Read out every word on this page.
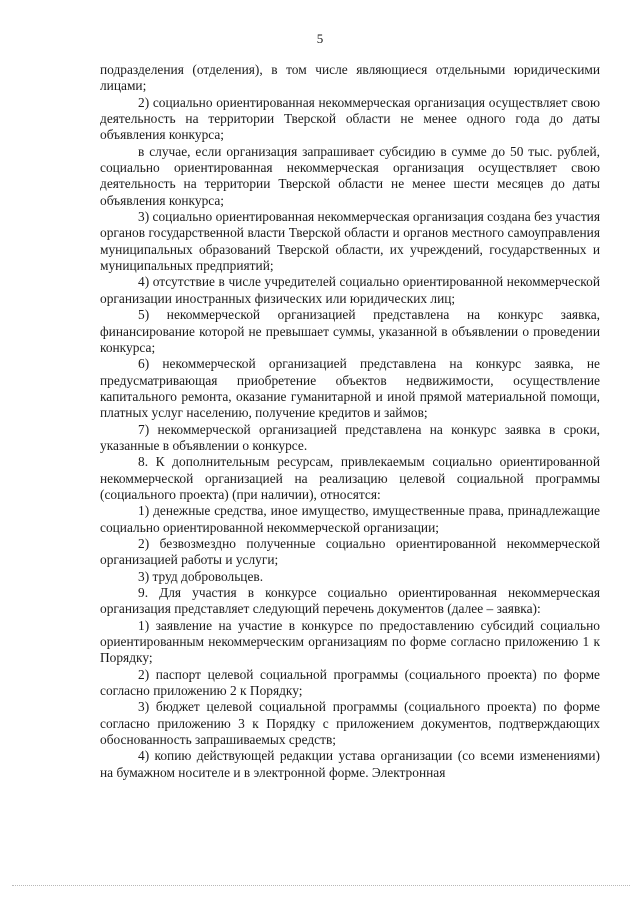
5

подразделения (отделения), в том числе являющиеся отдельными юридическими лицами;

2) социально ориентированная некоммерческая организация осуществляет свою деятельность на территории Тверской области не менее одного года до даты объявления конкурса;

в случае, если организация запрашивает субсидию в сумме до 50 тыс. рублей, социально ориентированная некоммерческая организация осуществляет свою деятельность на территории Тверской области не менее шести месяцев до даты объявления конкурса;

3) социально ориентированная некоммерческая организация создана без участия органов государственной власти Тверской области и органов местного самоуправления муниципальных образований Тверской области, их учреждений, государственных и муниципальных предприятий;

4) отсутствие в числе учредителей социально ориентированной некоммерческой организации иностранных физических или юридических лиц;

5) некоммерческой организацией представлена на конкурс заявка, финансирование которой не превышает суммы, указанной в объявлении о проведении конкурса;

6) некоммерческой организацией представлена на конкурс заявка, не предусматривающая приобретение объектов недвижимости, осуществление капитального ремонта, оказание гуманитарной и иной прямой материальной помощи, платных услуг населению, получение кредитов и займов;

7) некоммерческой организацией представлена на конкурс заявка в сроки, указанные в объявлении о конкурсе.

8. К дополнительным ресурсам, привлекаемым социально ориентированной некоммерческой организацией на реализацию целевой социальной программы (социального проекта) (при наличии), относятся:

1) денежные средства, иное имущество, имущественные права, принадлежащие социально ориентированной некоммерческой организации;

2) безвозмездно полученные социально ориентированной некоммерческой организацией работы и услуги;

3) труд добровольцев.

9. Для участия в конкурсе социально ориентированная некоммерческая организация представляет следующий перечень документов (далее – заявка):

1) заявление на участие в конкурсе по предоставлению субсидий социально ориентированным некоммерческим организациям по форме согласно приложению 1 к Порядку;

2) паспорт целевой социальной программы (социального проекта) по форме согласно приложению 2 к Порядку;

3) бюджет целевой социальной программы (социального проекта) по форме согласно приложению 3 к Порядку с приложением документов, подтверждающих обоснованность запрашиваемых средств;

4) копию действующей редакции устава организации (со всеми изменениями) на бумажном носителе и в электронной форме. Электронная
